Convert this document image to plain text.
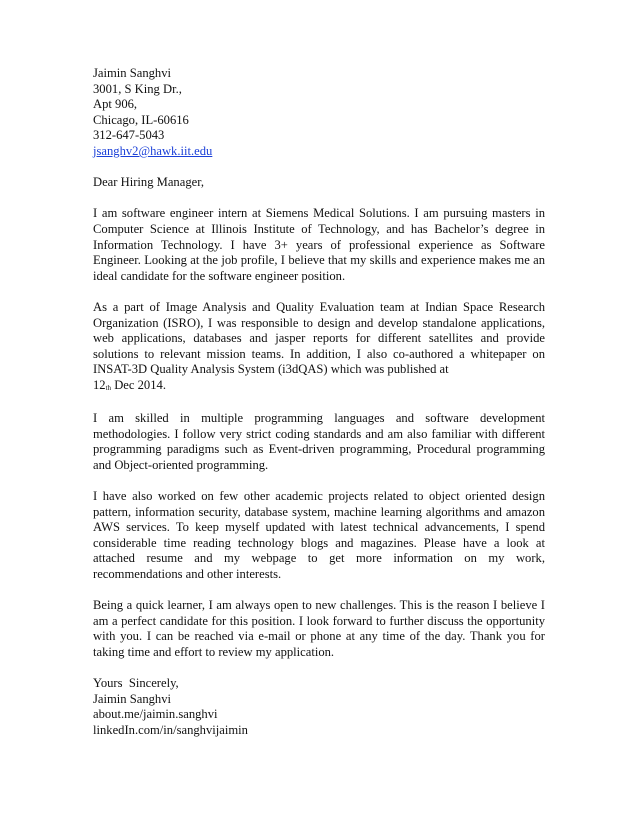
Jaimin Sanghvi
3001, S King Dr.,
Apt 906,
Chicago, IL-60616
312-647-5043
jsanghv2@hawk.iit.edu
Dear Hiring Manager,

I am software engineer intern at Siemens Medical Solutions. I am pursuing masters in Computer Science at Illinois Institute of Technology, and has Bachelor’s degree in Information Technology. I have 3+ years of professional experience as Software Engineer. Looking at the job profile, I believe that my skills and experience makes me an ideal candidate for the software engineer position.

As a part of Image Analysis and Quality Evaluation team at Indian Space Research Organization (ISRO), I was responsible to design and develop standalone applications, web applications, databases and jasper reports for different satellites and provide solutions to relevant mission teams. In addition, I also co-authored a whitepaper on INSAT-3D Quality Analysis System (i3dQAS) which was published at
12th Dec 2014.

I am skilled in multiple programming languages and software development methodologies. I follow very strict coding standards and am also familiar with different programming paradigms such as Event-driven programming, Procedural programming and Object-oriented programming.

I have also worked on few other academic projects related to object oriented design pattern, information security, database system, machine learning algorithms and amazon AWS services. To keep myself updated with latest technical advancements, I spend considerable time reading technology blogs and magazines. Please have a look at attached resume and my webpage to get more information on my work, recommendations and other interests.

Being a quick learner, I am always open to new challenges. This is the reason I believe I am a perfect candidate for this position. I look forward to further discuss the opportunity with you. I can be reached via e-mail or phone at any time of the day. Thank you for taking time and effort to review my application.

Yours  Sincerely,
Jaimin Sanghvi
about.me/jaimin.sanghvi
linkedIn.com/in/sanghvijaimin
